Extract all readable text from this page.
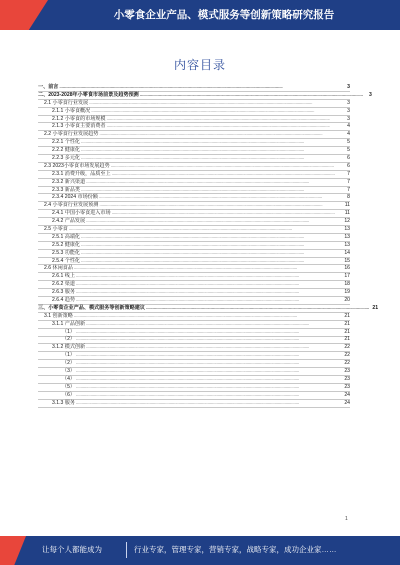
小零食企业产品、模式服务等创新策略研究报告
内容目录
一、前言 ........................................................................................................................................................................................................	3
二、2023-2028年小零食市场前景及趋势预测 ........................................................................................................................................................................................................	3
2.1 小零食行业发展 ........................................................................................................................................................................................................	3
2.1.1 小零食概况 ........................................................................................................................................................................................................	3
2.1.2 小零食的市场规模 ........................................................................................................................................................................................................	3
2.1.3 小零食主要消费者 ........................................................................................................................................................................................................	4
2.2 小零食行业发展趋势 ........................................................................................................................................................................................................	4
2.2.1 个性化 ........................................................................................................................................................................................................	5
2.2.2 健康化 ........................................................................................................................................................................................................	5
2.2.3 多元化 ........................................................................................................................................................................................................	6
2.3 2023小零食市场发展趋势 ........................................................................................................................................................................................................	6
2.3.1 消费升级，品质至上 ........................................................................................................................................................................................................	7
2.3.2 新兴渠道 ........................................................................................................................................................................................................	7
2.3.3 新品类 ........................................................................................................................................................................................................	7
2.3.4 2024 市场份额 ........................................................................................................................................................................................................	8
2.4 小零食行业发展预测 ........................................................................................................................................................................................................	11
2.4.1 中国小零食进入市场 ........................................................................................................................................................................................................	11
2.4.2 产品发展 ........................................................................................................................................................................................................	12
2.5 小零食 ........................................................................................................................................................................................................	13
2.5.1 高端化 ........................................................................................................................................................................................................	13
2.5.2 健康化 ........................................................................................................................................................................................................	13
2.5.3 功能化 ........................................................................................................................................................................................................	14
2.5.4 个性化 ........................................................................................................................................................................................................	15
2.6 休闲食品 ........................................................................................................................................................................................................	16
2.6.1 线上 ........................................................................................................................................................................................................	17
2.6.2 渠道 ........................................................................................................................................................................................................	18
2.6.3 服务 ........................................................................................................................................................................................................	19
2.6.4 趋势 ........................................................................................................................................................................................................	20
三、小零食企业产品、模式服务等创新策略建议 ........................................................................................................................................................................................................ 21
3.1 创新策略 ........................................................................................................................................................................................................	21
3.1.1 产品创新 ........................................................................................................................................................................................................	21
（1） ........................................................................................................................................................................................................	21
（2） ........................................................................................................................................................................................................	21
3.1.2 模式创新 ........................................................................................................................................................................................................	22
（1） ........................................................................................................................................................................................................	22
（2） ........................................................................................................................................................................................................	22
（3） ........................................................................................................................................................................................................	23
（4） ........................................................................................................................................................................................................	23
（5） ........................................................................................................................................................................................................	23
（6） ........................................................................................................................................................................................................	24
3.1.3 服务 ........................................................................................................................................................................................................	24
1
让每个人都能成为	行业专家，管理专家，营销专家，战略专家，成功企业家……
